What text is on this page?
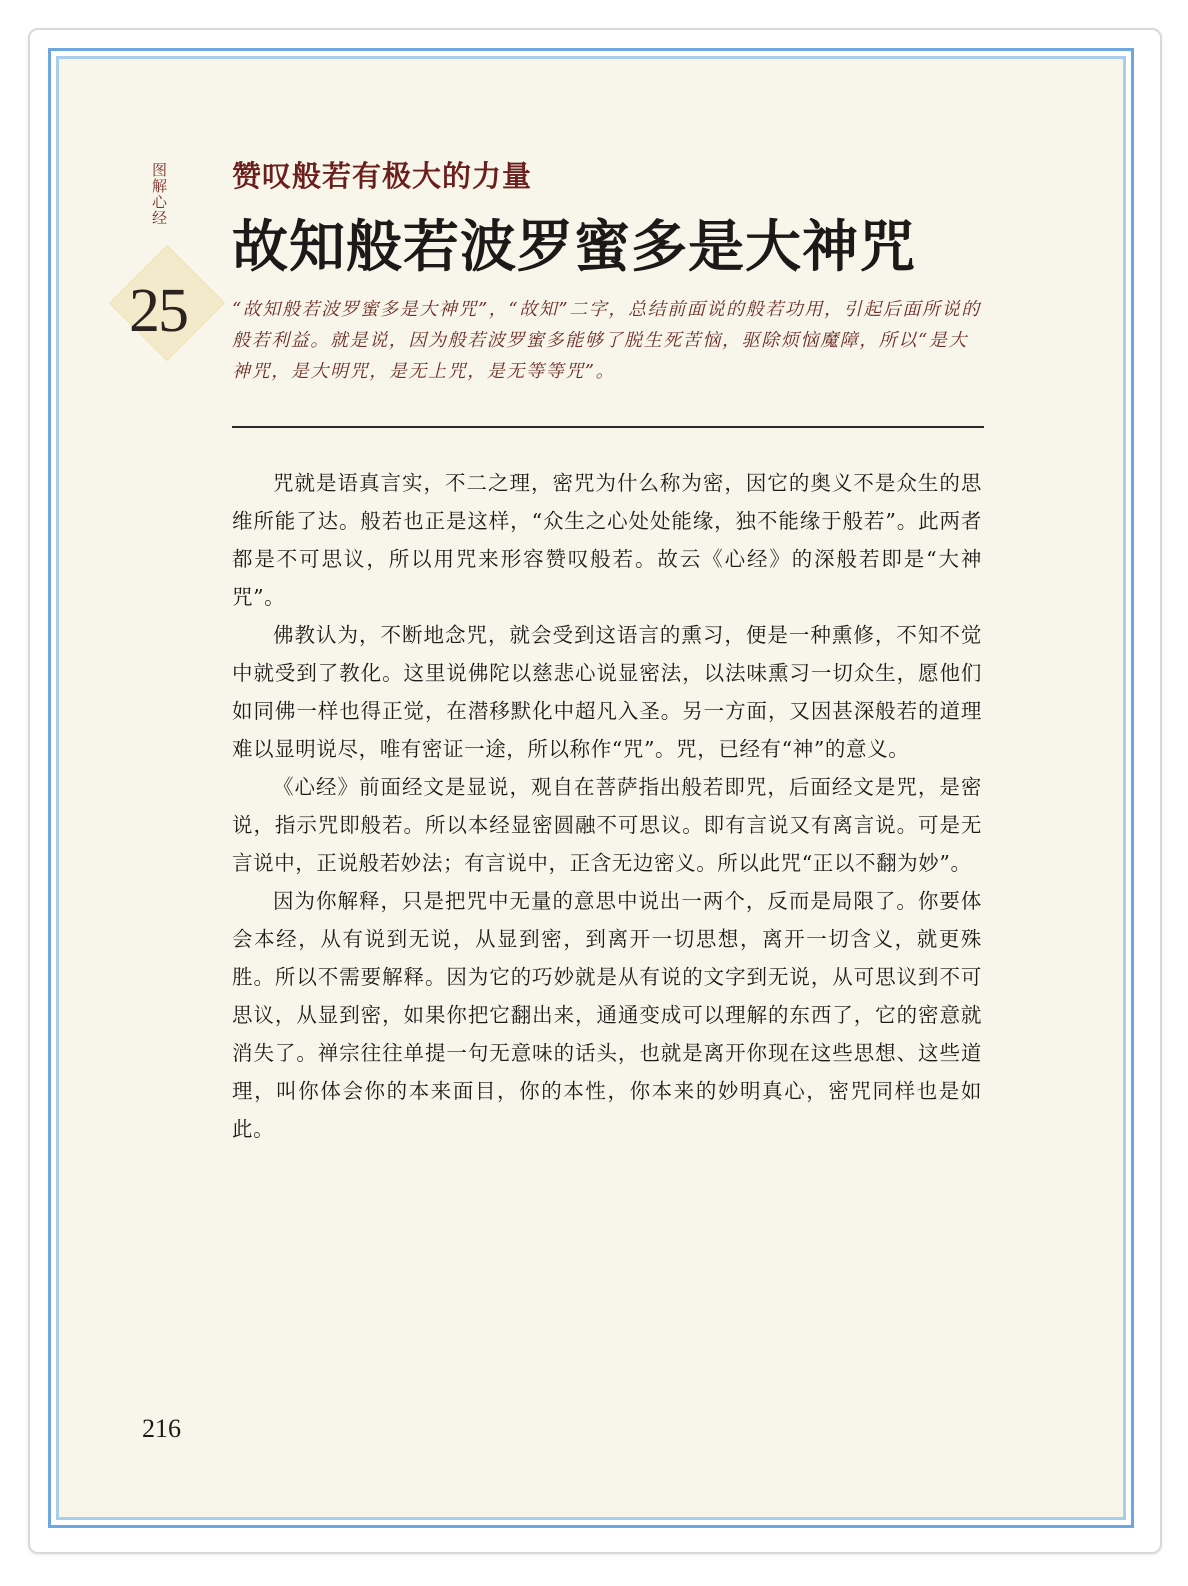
图解心经
25
赞叹般若有极大的力量
故知般若波罗蜜多是大神咒

“故知般若波罗蜜多是大神咒”，“故知”二字，总结前面说的般若功用，引起后面所说的般若利益。就是说，因为般若波罗蜜多能够了脱生死苦恼，驱除烦恼魔障，所以“是大神咒，是大明咒，是无上咒，是无等等咒”。

咒就是语真言实，不二之理，密咒为什么称为密，因它的奥义不是众生的思维所能了达。般若也正是这样，“众生之心处处能缘，独不能缘于般若”。此两者都是不可思议，所以用咒来形容赞叹般若。故云《心经》的深般若即是“大神咒”。

佛教认为，不断地念咒，就会受到这语言的熏习，便是一种熏修，不知不觉中就受到了教化。这里说佛陀以慈悲心说显密法，以法味熏习一切众生，愿他们如同佛一样也得正觉，在潜移默化中超凡入圣。另一方面，又因甚深般若的道理难以显明说尽，唯有密证一途，所以称作“咒”。咒，已经有“神”的意义。

《心经》前面经文是显说，观自在菩萨指出般若即咒，后面经文是咒，是密说，指示咒即般若。所以本经显密圆融不可思议。即有言说又有离言说。可是无言说中，正说般若妙法；有言说中，正含无边密义。所以此咒“正以不翻为妙”。

因为你解释，只是把咒中无量的意思中说出一两个，反而是局限了。你要体会本经，从有说到无说，从显到密，到离开一切思想，离开一切含义，就更殊胜。所以不需要解释。因为它的巧妙就是从有说的文字到无说，从可思议到不可思议，从显到密，如果你把它翻出来，通通变成可以理解的东西了，它的密意就消失了。禅宗往往单提一句无意味的话头，也就是离开你现在这些思想、这些道理，叫你体会你的本来面目，你的本性，你本来的妙明真心，密咒同样也是如此。

216
